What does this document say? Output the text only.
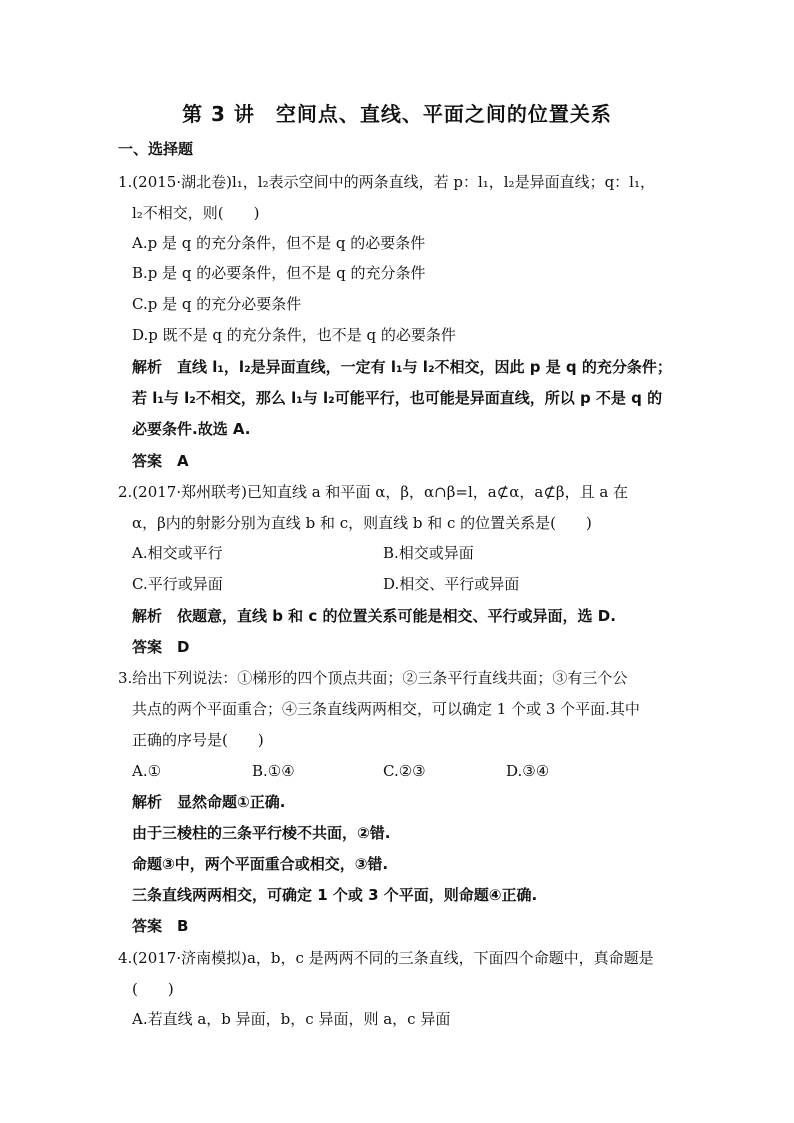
第 3 讲　空间点、直线、平面之间的位置关系
一、选择题
1.(2015·湖北卷)l₁，l₂表示空间中的两条直线，若 p：l₁，l₂是异面直线；q：l₁，
l₂不相交，则(　　)
A.p 是 q 的充分条件，但不是 q 的必要条件
B.p 是 q 的必要条件，但不是 q 的充分条件
C.p 是 q 的充分必要条件
D.p 既不是 q 的充分条件，也不是 q 的必要条件
解析　直线 l₁，l₂是异面直线，一定有 l₁与 l₂不相交，因此 p 是 q 的充分条件；
若 l₁与 l₂不相交，那么 l₁与 l₂可能平行，也可能是异面直线，所以 p 不是 q 的
必要条件.故选 A.
答案　A
2.(2017·郑州联考)已知直线 a 和平面 α，β，α∩β=l，a⊄α，a⊄β，且 a 在
α，β内的射影分别为直线 b 和 c，则直线 b 和 c 的位置关系是(　　)
A.相交或平行	B.相交或异面
C.平行或异面	D.相交、平行或异面
解析　依题意，直线 b 和 c 的位置关系可能是相交、平行或异面，选 D.
答案　D
3.给出下列说法：①梯形的四个顶点共面；②三条平行直线共面；③有三个公
共点的两个平面重合；④三条直线两两相交，可以确定 1 个或 3 个平面.其中
正确的序号是(　　)
A.①	B.①④	C.②③	D.③④
解析　显然命题①正确.
由于三棱柱的三条平行棱不共面，②错.
命题③中，两个平面重合或相交，③错.
三条直线两两相交，可确定 1 个或 3 个平面，则命题④正确.
答案　B
4.(2017·济南模拟)a，b，c 是两两不同的三条直线，下面四个命题中，真命题是
(　　)
A.若直线 a，b 异面，b，c 异面，则 a，c 异面
